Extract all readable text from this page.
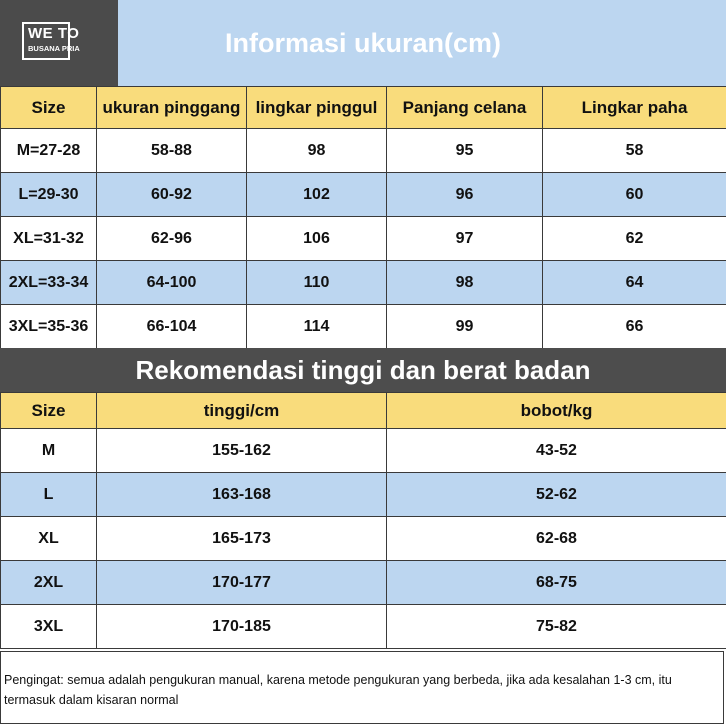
WE TO
BUSANA PRIA	Informasi ukuran(cm)
Size	ukuran pinggang	lingkar pinggul	Panjang celana	Lingkar paha
M=27-28	58-88	98	95	58
L=29-30	60-92	102	96	60
XL=31-32	62-96	106	97	62
2XL=33-34	64-100	110	98	64
3XL=35-36	66-104	114	99	66
Rekomendasi tinggi dan berat badan
Size	tinggi/cm	bobot/kg
M	155-162	43-52
L	163-168	52-62
XL	165-173	62-68
2XL	170-177	68-75
3XL	170-185	75-82

Pengingat: semua adalah pengukuran manual, karena metode pengukuran yang berbeda, jika ada kesalahan 1-3 cm, itu termasuk dalam kisaran normal
